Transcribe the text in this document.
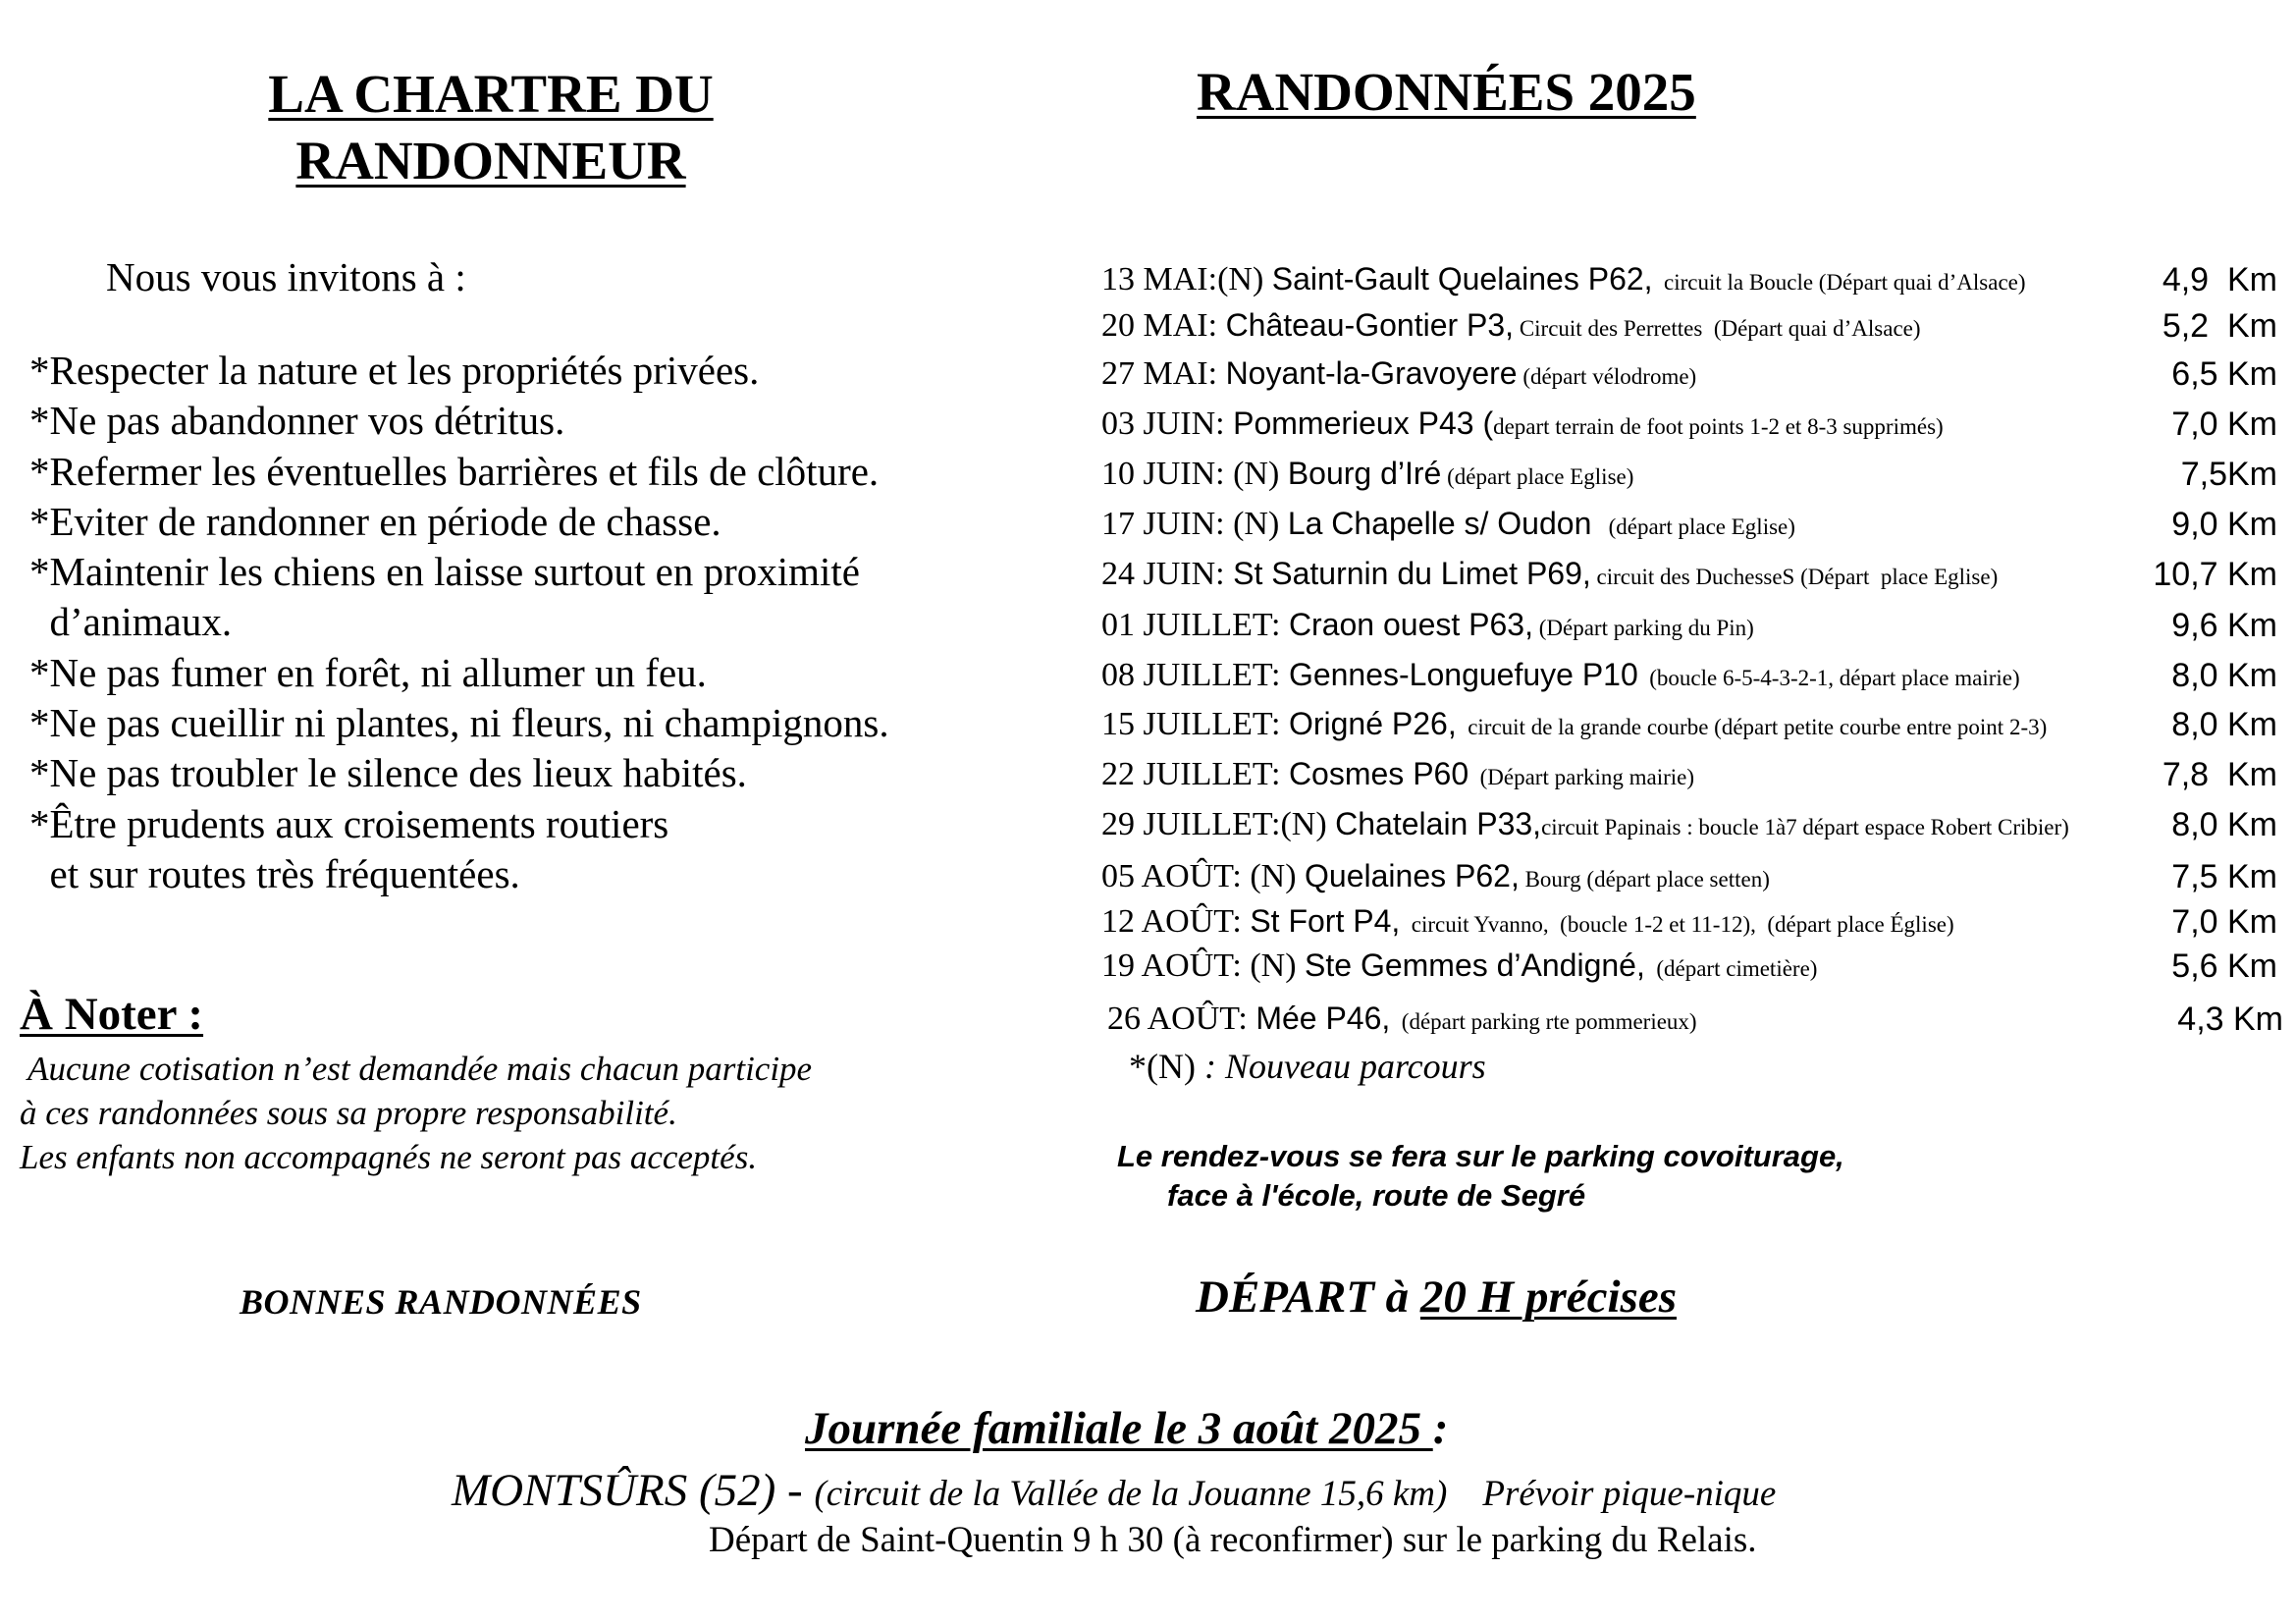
LA CHARTRE DU
RANDONNEUR
Nous vous invitons à :
*Respecter la nature et les propriétés privées.
*Ne pas abandonner vos détritus.
*Refermer les éventuelles barrières et fils de clôture.
*Eviter de randonner en période de chasse.
*Maintenir les chiens en laisse surtout en proximité
d’animaux.
*Ne pas fumer en forêt, ni allumer un feu.
*Ne pas cueillir ni plantes, ni fleurs, ni champignons.
*Ne pas troubler le silence des lieux habités.
*Être prudents aux croisements routiers
et sur routes très fréquentées.
À Noter :
Aucune cotisation n’est demandée mais chacun participe
à ces randonnées sous sa propre responsabilité.
Les enfants non accompagnés ne seront pas acceptés.
BONNES RANDONNÉES
RANDONNÉES 2025
13 MAI:(N) Saint-Gault Quelaines P62,  circuit la Boucle (Départ quai d’Alsace)	4,9  Km
20 MAI: Château-Gontier P3, Circuit des Perrettes  (Départ quai d’Alsace)	5,2  Km
27 MAI: Noyant-la-Gravoyere (départ vélodrome)	6,5 Km
03 JUIN: Pommerieux P43 (depart terrain de foot points 1-2 et 8-3 supprimés)	7,0 Km
10 JUIN: (N) Bourg d’Iré (départ place Eglise)	7,5Km
17 JUIN: (N) La Chapelle s/ Oudon   (départ place Eglise)	9,0 Km
24 JUIN: St Saturnin du Limet P69, circuit des DuchesseS (Départ  place Eglise)	10,7 Km
01 JUILLET: Craon ouest P63, (Départ parking du Pin)	9,6 Km
08 JUILLET: Gennes-Longuefuye P10  (boucle 6-5-4-3-2-1, départ place mairie)	8,0 Km
15 JUILLET: Origné P26,  circuit de la grande courbe (départ petite courbe entre point 2-3)	8,0 Km
22 JUILLET: Cosmes P60  (Départ parking mairie)	7,8  Km
29 JUILLET:(N) Chatelain P33,circuit Papinais : boucle 1à7 départ espace Robert Cribier)	8,0 Km
05 AOÛT: (N) Quelaines P62, Bourg (départ place setten)	7,5 Km
12 AOÛT: St Fort P4,  circuit Yvanno,  (boucle 1-2 et 11-12),  (départ place Église)	7,0 Km
19 AOÛT: (N) Ste Gemmes d’Andigné,  (départ cimetière)	5,6 Km
26 AOÛT: Mée P46,  (départ parking rte pommerieux)	4,3 Km
*(N) : Nouveau parcours
Le rendez-vous se fera sur le parking covoiturage,
face à l'école, route de Segré
DÉPART à 20 H précises
Journée familiale le 3 août 2025 :
MONTSÛRS (52) - (circuit de la Vallée de la Jouanne 15,6 km) Prévoir pique-nique
Départ de Saint-Quentin 9 h 30 (à reconfirmer) sur le parking du Relais.
